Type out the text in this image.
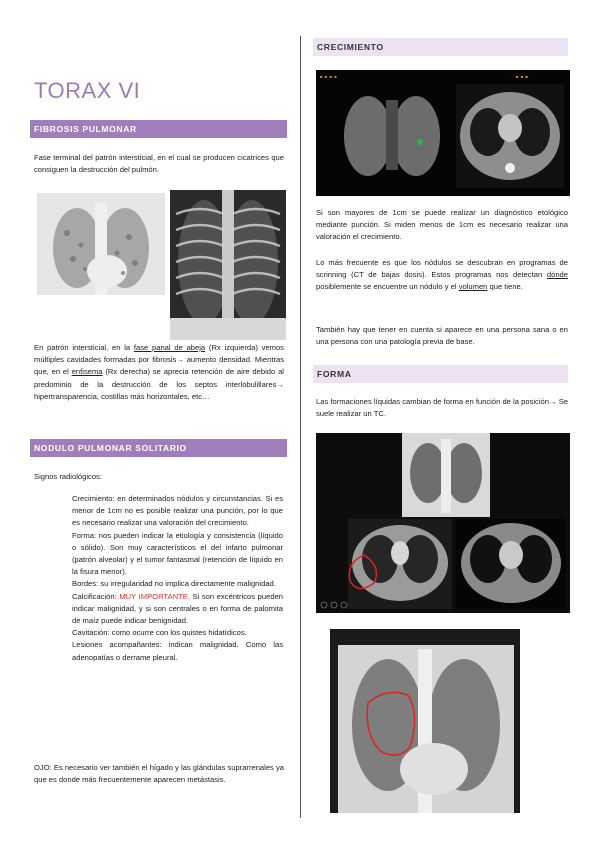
TORAX VI
FIBROSIS PULMONAR
Fase terminal del patrón intersticial, en el cual se producen cicatrices que consiguen la destrucción del pulmón.
En patrón intersticial, en la fase panal de abeja (Rx izquierda) vemos múltiples cavidades formadas por fibrosis→ aumento densidad. Mientras que, en el enfisema (Rx derecha) se aprecia retención de aire debido al predominio de la destrucción de los septos interlobulillares→ hipertransparencia, costillas más horizontales, etc…
NODULO PULMONAR SOLITARIO
Signos radiológicos:

Crecimiento: en determinados nódulos y circunstancias. Si es menor de 1cm no es posible realizar una punción, por lo que es necesario realizar una valoración del crecimiento.

Forma: nos pueden indicar la etiología y consistencia (líquido o sólido). Son muy característicos el del infarto pulmonar (patrón alveolar) y el tumor fantasmal (retención de líquido en la fisura menor).

Bordes: su irregularidad no implica directamente malignidad.

Calcificación: MUY IMPORTANTE. Si son excéntricos pueden indicar malignidad, y si son centrales o en forma de palomita de maíz puede indicar benignidad.

Cavitación: como ocurre con los quistes hidatídicos.

Lesiones acompañantes: indican malignidad. Como las adenopatías o derrame pleural.

OJO: Es necesario ver también el hígado y las glándulas suprarrenales ya que es donde más frecuentemente aparecen metástasis.
CRECIMIENTO
■ ■ ■ ■	■ ■ ■
Si son mayores de 1cm se puede realizar un diagnóstico etológico mediante punción. Si miden menos de 1cm es necesario realizar una valoración el crecimiento.
Lo más frecuente es que los nódulos se descubran en programas de scrinning (CT de bajas dosis). Estos programas nos detectan dónde posiblemente se encuentre un nódulo y el volumen que tiene.
También hay que tener en cuenta si aparece en una persona sana o en una persona con una patología previa de base.
FORMA
Las formaciones líquidas cambian de forma en función de la posición→ Se suele realizar un TC.
